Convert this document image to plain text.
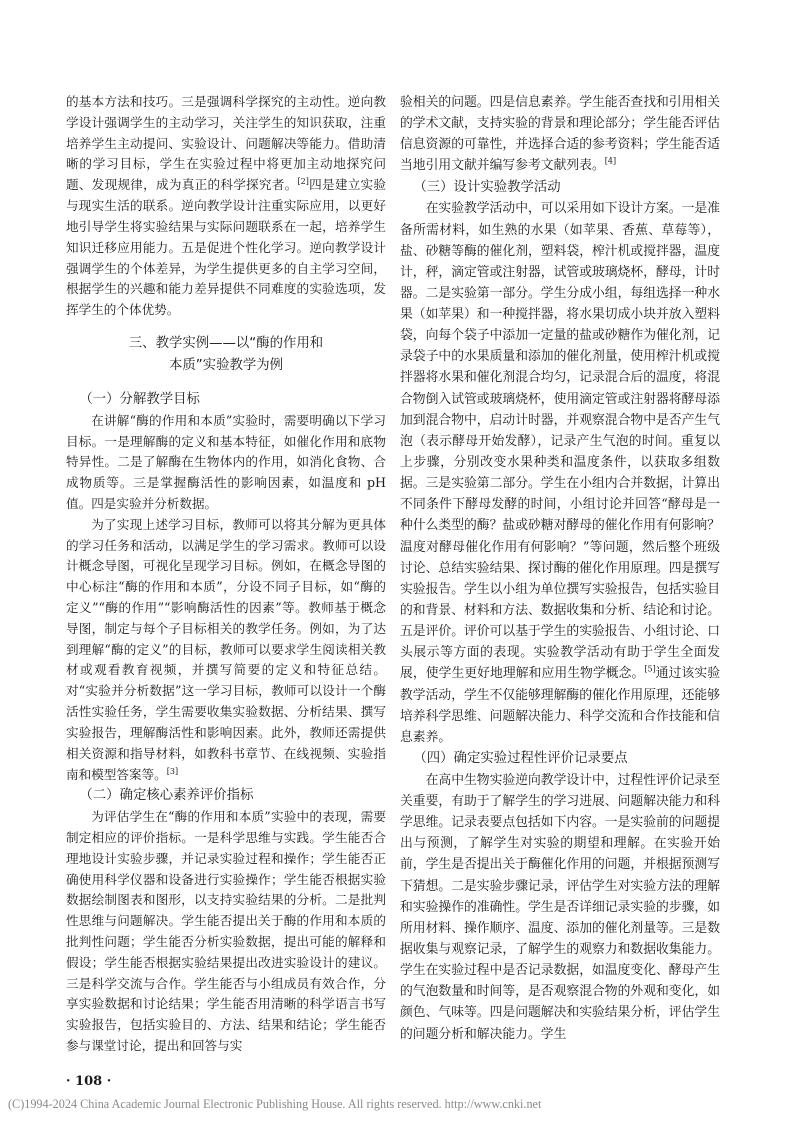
的基本方法和技巧。三是强调科学探究的主动性。逆向教学设计强调学生的主动学习，关注学生的知识获取，注重培养学生主动提问、实验设计、问题解决等能力。借助清晰的学习目标，学生在实验过程中将更加主动地探究问题、发现规律，成为真正的科学探究者。[2]四是建立实验与现实生活的联系。逆向教学设计注重实际应用，以更好地引导学生将实验结果与实际问题联系在一起，培养学生知识迁移应用能力。五是促进个性化学习。逆向教学设计强调学生的个体差异，为学生提供更多的自主学习空间，根据学生的兴趣和能力差异提供不同难度的实验选项，发挥学生的个体优势。

三、教学实例——以“酶的作用和
本质”实验教学为例
（一）分解教学目标

在讲解“酶的作用和本质”实验时，需要明确以下学习目标。一是理解酶的定义和基本特征，如催化作用和底物特异性。二是了解酶在生物体内的作用，如消化食物、合成物质等。三是掌握酶活性的影响因素，如温度和 pH 值。四是实验并分析数据。

为了实现上述学习目标，教师可以将其分解为更具体的学习任务和活动，以满足学生的学习需求。教师可以设计概念导图，可视化呈现学习目标。例如，在概念导图的中心标注“酶的作用和本质”，分设不同子目标，如“酶的定义”“酶的作用”“影响酶活性的因素”等。教师基于概念导图，制定与每个子目标相关的教学任务。例如，为了达到理解“酶的定义”的目标，教师可以要求学生阅读相关教材或观看教育视频，并撰写简要的定义和特征总结。对“实验并分析数据”这一学习目标，教师可以设计一个酶活性实验任务，学生需要收集实验数据、分析结果、撰写实验报告，理解酶活性和影响因素。此外，教师还需提供相关资源和指导材料，如教科书章节、在线视频、实验指南和模型答案等。[3]

（二）确定核心素养评价指标

为评估学生在“酶的作用和本质”实验中的表现，需要制定相应的评价指标。一是科学思维与实践。学生能否合理地设计实验步骤，并记录实验过程和操作；学生能否正确使用科学仪器和设备进行实验操作；学生能否根据实验数据绘制图表和图形，以支持实验结果的分析。二是批判性思维与问题解决。学生能否提出关于酶的作用和本质的批判性问题；学生能否分析实验数据，提出可能的解释和假设；学生能否根据实验结果提出改进实验设计的建议。三是科学交流与合作。学生能否与小组成员有效合作，分享实验数据和讨论结果；学生能否用清晰的科学语言书写实验报告，包括实验目的、方法、结果和结论；学生能否参与课堂讨论，提出和回答与实

验相关的问题。四是信息素养。学生能否查找和引用相关的学术文献，支持实验的背景和理论部分；学生能否评估信息资源的可靠性，并选择合适的参考资料；学生能否适当地引用文献并编写参考文献列表。[4]

（三）设计实验教学活动

在实验教学活动中，可以采用如下设计方案。一是准备所需材料，如生熟的水果（如苹果、香蕉、草莓等），盐、砂糖等酶的催化剂，塑料袋，榨汁机或搅拌器，温度计，秤，滴定管或注射器，试管或玻璃烧杯，酵母，计时器。二是实验第一部分。学生分成小组，每组选择一种水果（如苹果）和一种搅拌器，将水果切成小块并放入塑料袋，向每个袋子中添加一定量的盐或砂糖作为催化剂，记录袋子中的水果质量和添加的催化剂量，使用榨汁机或搅拌器将水果和催化剂混合均匀，记录混合后的温度，将混合物倒入试管或玻璃烧杯，使用滴定管或注射器将酵母添加到混合物中，启动计时器，并观察混合物中是否产生气泡（表示酵母开始发酵），记录产生气泡的时间。重复以上步骤，分别改变水果种类和温度条件，以获取多组数据。三是实验第二部分。学生在小组内合并数据，计算出不同条件下酵母发酵的时间，小组讨论并回答“酵母是一种什么类型的酶？盐或砂糖对酵母的催化作用有何影响？温度对酵母催化作用有何影响？”等问题，然后整个班级讨论、总结实验结果、探讨酶的催化作用原理。四是撰写实验报告。学生以小组为单位撰写实验报告，包括实验目的和背景、材料和方法、数据收集和分析、结论和讨论。五是评价。评价可以基于学生的实验报告、小组讨论、口头展示等方面的表现。实验教学活动有助于学生全面发展，使学生更好地理解和应用生物学概念。[5]通过该实验教学活动，学生不仅能够理解酶的催化作用原理，还能够培养科学思维、问题解决能力、科学交流和合作技能和信息素养。

（四）确定实验过程性评价记录要点

在高中生物实验逆向教学设计中，过程性评价记录至关重要，有助于了解学生的学习进展、问题解决能力和科学思维。记录表要点包括如下内容。一是实验前的问题提出与预测，了解学生对实验的期望和理解。在实验开始前，学生是否提出关于酶催化作用的问题，并根据预测写下猜想。二是实验步骤记录，评估学生对实验方法的理解和实验操作的准确性。学生是否详细记录实验的步骤，如所用材料、操作顺序、温度、添加的催化剂量等。三是数据收集与观察记录，了解学生的观察力和数据收集能力。学生在实验过程中是否记录数据，如温度变化、酵母产生的气泡数量和时间等，是否观察混合物的外观和变化，如颜色、气味等。四是问题解决和实验结果分析，评估学生的问题分析和解决能力。学生

· 108 ·
(C)1994-2024 China Academic Journal Electronic Publishing House. All rights reserved. http://www.cnki.net
